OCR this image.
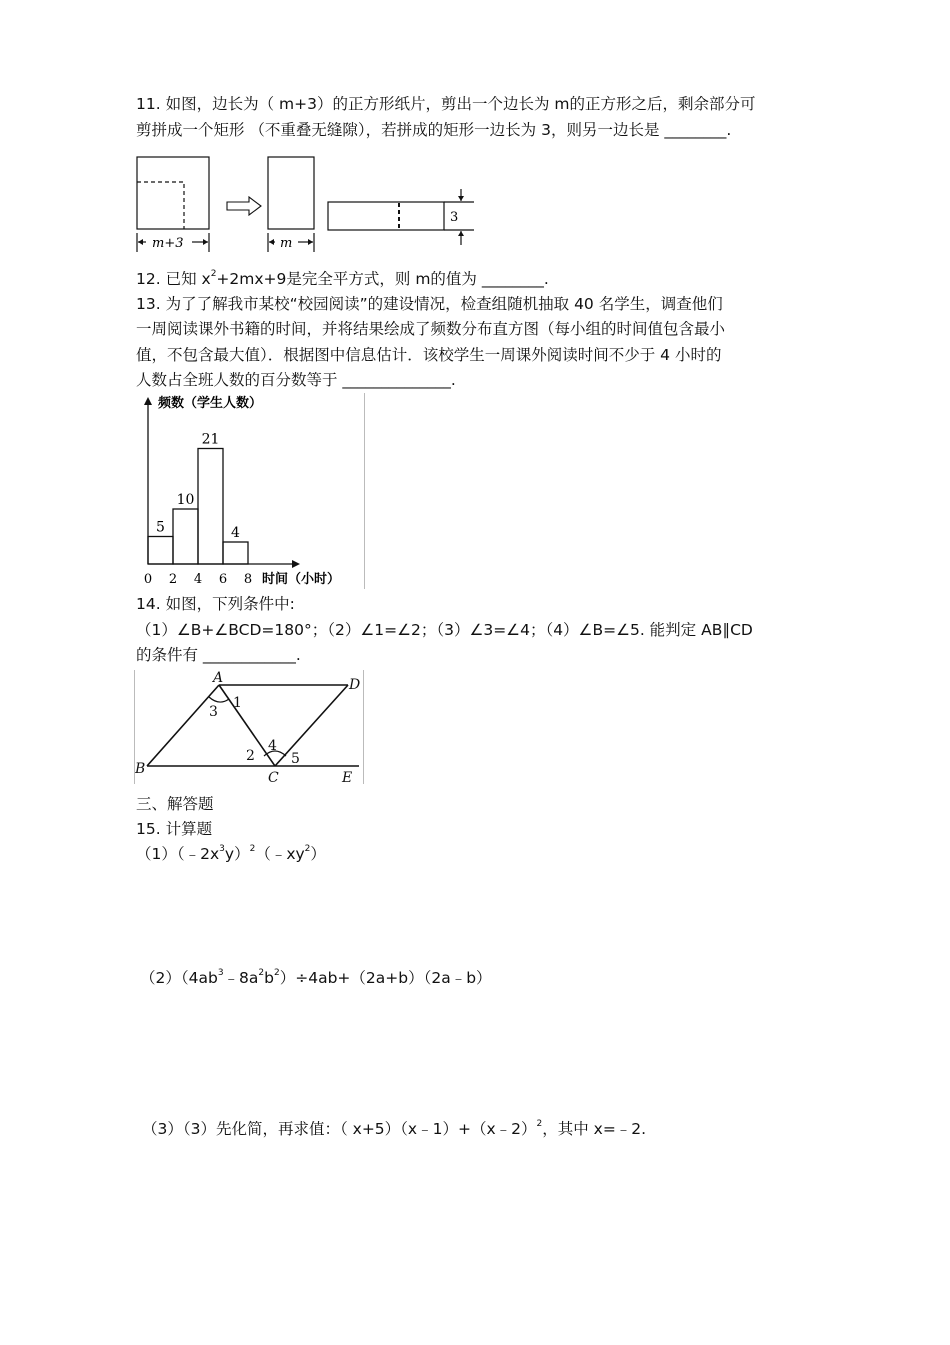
11. 如图，边长为（ m+3）的正方形纸片，剪出一个边长为 m的正方形之后，剩余部分可
剪拼成一个矩形 （不重叠无缝隙），若拼成的矩形一边长为 3，则另一边长是 ________.
m+3	m
3
12. 已知 $x^2+2mx+9$是完全平方式，则 m的值为 ________.
13. 为了了解我市某校“校园阅读”的建设情况，检查组随机抽取 40 名学生，调查他们
一周阅读课外书籍的时间，并将结果绘成了频数分布直方图（每小组的时间值包含最小
值，不包含最大值）．根据图中信息估计．该校学生一周课外阅读时间不少于 4 小时的
人数占全班人数的百分数等于 ______________.
频数（学生人数）
时间（小时）
5
10
21
4
0 2 4 6 8
14. 如图，下列条件中:
（1）∠B+∠BCD=180°；（2）∠1=∠2；（3）∠3=∠4；（4）∠B=∠5. 能判定 AB∥CD
的条件有 ____________.
A
B
C
D
E
1
2
3
4
5
三、解答题
15. 计算题
$(1)(﹣2x^3y)^2(﹣xy^2)$
$(2)(4ab^3﹣8a^2b^2)\div 4ab+(2a+b)(2a﹣b)$
（3）（3）先化简，再求值：（ x+5）（x﹣1）+（x﹣2）$^2$，其中 x=﹣2.
